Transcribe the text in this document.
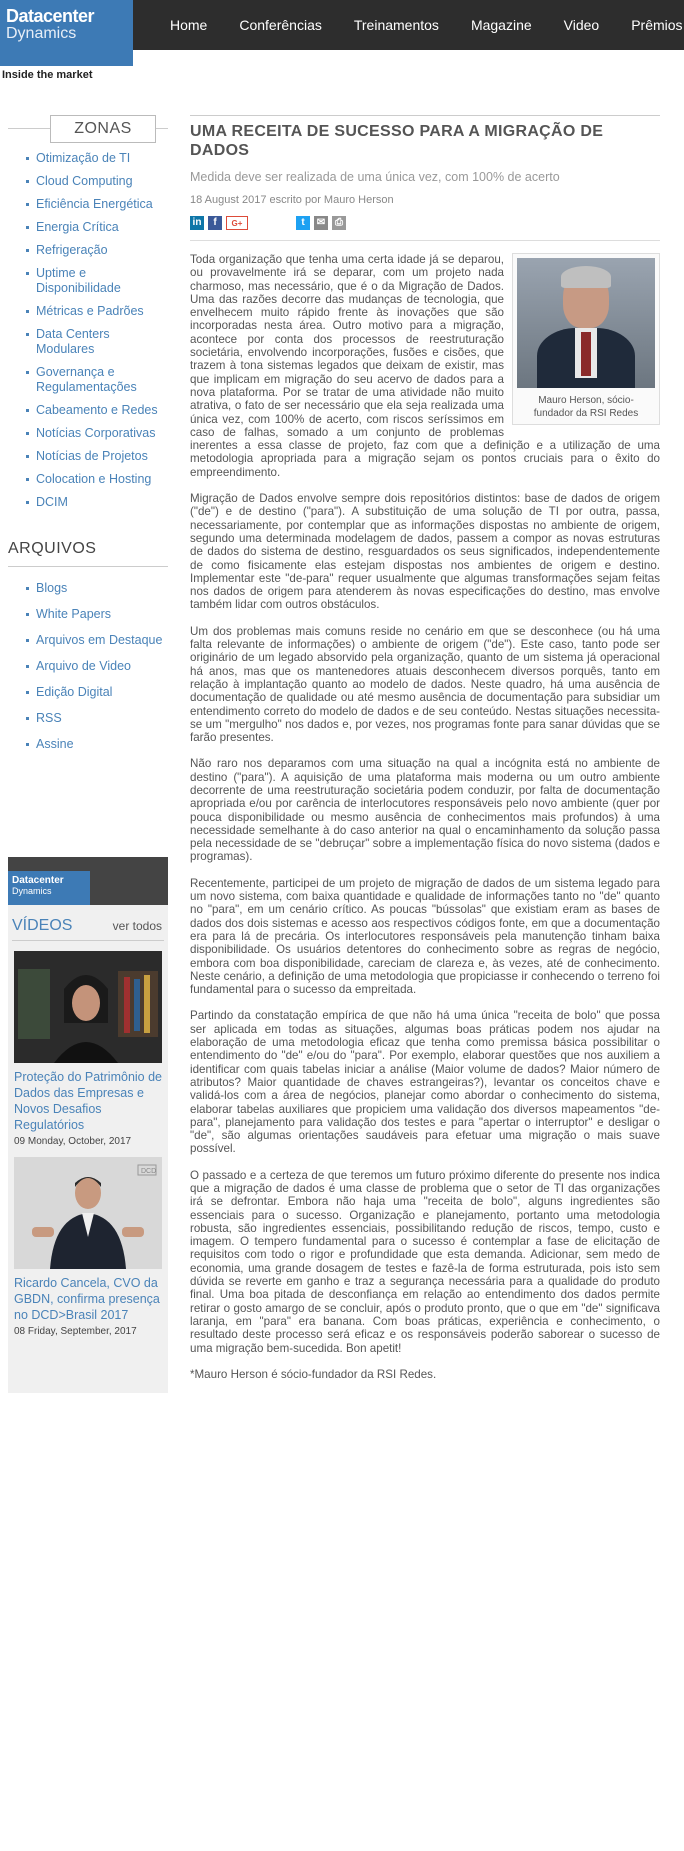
Datacenter
Dynamics	Home Conferências Treinamentos Magazine Video Prêmios
Inside the market
ZONAS
Otimização de TI
Cloud Computing
Eficiência Energética
Energia Crítica
Refrigeração
Uptime e Disponibilidade
Métricas e Padrões
Data Centers Modulares
Governança e Regulamentações
Cabeamento e Redes
Notícias Corporativas
Notícias de Projetos
Colocation e Hosting
DCIM
ARQUIVOS
Blogs
White Papers
Arquivos em Destaque
Arquivo de Video
Edição Digital
RSS
Assine
Datacenter
Dynamics
VÍDEOS	ver todos
Proteção do Patrimônio de Dados das Empresas e Novos Desafios Regulatórios
09 Monday, October, 2017
DCD
Ricardo Cancela, CVO da GBDN, confirma presença no DCD>Brasil 2017
08 Friday, September, 2017
UMA RECEITA DE SUCESSO PARA A MIGRAÇÃO DE DADOS
Medida deve ser realizada de uma única vez, com 100% de acerto
18 August 2017 escrito por Mauro Herson
in	f	G+	t	✉ ⎙
Mauro Herson, sócio-fundador da RSI Redes

Toda organização que tenha uma certa idade já se deparou, ou provavelmente irá se deparar, com um projeto nada charmoso, mas necessário, que é o da Migração de Dados. Uma das razões decorre das mudanças de tecnologia, que envelhecem muito rápido frente às inovações que são incorporadas nesta área. Outro motivo para a migração, acontece por conta dos processos de reestruturação societária, envolvendo incorporações, fusões e cisões, que trazem à tona sistemas legados que deixam de existir, mas que implicam em migração do seu acervo de dados para a nova plataforma. Por se tratar de uma atividade não muito atrativa, o fato de ser necessário que ela seja realizada uma única vez, com 100% de acerto, com riscos seríssimos em caso de falhas, somado a um conjunto de problemas inerentes a essa classe de projeto, faz com que a definição e a utilização de uma metodologia apropriada para a migração sejam os pontos cruciais para o êxito do empreendimento.

Migração de Dados envolve sempre dois repositórios distintos: base de dados de origem ("de") e de destino ("para"). A substituição de uma solução de TI por outra, passa, necessariamente, por contemplar que as informações dispostas no ambiente de origem, segundo uma determinada modelagem de dados, passem a compor as novas estruturas de dados do sistema de destino, resguardados os seus significados, independentemente de como fisicamente elas estejam dispostas nos ambientes de origem e destino. Implementar este "de-para" requer usualmente que algumas transformações sejam feitas nos dados de origem para atenderem às novas especificações do destino, mas envolve também lidar com outros obstáculos.

Um dos problemas mais comuns reside no cenário em que se desconhece (ou há uma falta relevante de informações) o ambiente de origem ("de"). Este caso, tanto pode ser originário de um legado absorvido pela organização, quanto de um sistema já operacional há anos, mas que os mantenedores atuais desconhecem diversos porquês, tanto em relação à implantação quanto ao modelo de dados. Neste quadro, há uma ausência de documentação de qualidade ou até mesmo ausência de documentação para subsidiar um entendimento correto do modelo de dados e de seu conteúdo. Nestas situações necessita-se um "mergulho" nos dados e, por vezes, nos programas fonte para sanar dúvidas que se farão presentes.

Não raro nos deparamos com uma situação na qual a incógnita está no ambiente de destino ("para"). A aquisição de uma plataforma mais moderna ou um outro ambiente decorrente de uma reestruturação societária podem conduzir, por falta de documentação apropriada e/ou por carência de interlocutores responsáveis pelo novo ambiente (quer por pouca disponibilidade ou mesmo ausência de conhecimentos mais profundos) à uma necessidade semelhante à do caso anterior na qual o encaminhamento da solução passa pela necessidade de se "debruçar" sobre a implementação física do novo sistema (dados e programas).

Recentemente, participei de um projeto de migração de dados de um sistema legado para um novo sistema, com baixa quantidade e qualidade de informações tanto no "de" quanto no "para", em um cenário crítico. As poucas "bússolas" que existiam eram as bases de dados dos dois sistemas e acesso aos respectivos códigos fonte, em que a documentação era para lá de precária. Os interlocutores responsáveis pela manutenção tinham baixa disponibilidade. Os usuários detentores do conhecimento sobre as regras de negócio, embora com boa disponibilidade, careciam de clareza e, às vezes, até de conhecimento. Neste cenário, a definição de uma metodologia que propiciasse ir conhecendo o terreno foi fundamental para o sucesso da empreitada.

Partindo da constatação empírica de que não há uma única "receita de bolo" que possa ser aplicada em todas as situações, algumas boas práticas podem nos ajudar na elaboração de uma metodologia eficaz que tenha como premissa básica possibilitar o entendimento do "de" e/ou do "para". Por exemplo, elaborar questões que nos auxiliem a identificar com quais tabelas iniciar a análise (Maior volume de dados? Maior número de atributos? Maior quantidade de chaves estrangeiras?), levantar os conceitos chave e validá-los com a área de negócios, planejar como abordar o conhecimento do sistema, elaborar tabelas auxiliares que propiciem uma validação dos diversos mapeamentos "de-para", planejamento para validação dos testes e para "apertar o interruptor" e desligar o "de", são algumas orientações saudáveis para efetuar uma migração o mais suave possível.

O passado e a certeza de que teremos um futuro próximo diferente do presente nos indica que a migração de dados é uma classe de problema que o setor de TI das organizações irá se defrontar. Embora não haja uma "receita de bolo", alguns ingredientes são essenciais para o sucesso. Organização e planejamento, portanto uma metodologia robusta, são ingredientes essenciais, possibilitando redução de riscos, tempo, custo e imagem. O tempero fundamental para o sucesso é contemplar a fase de elicitação de requisitos com todo o rigor e profundidade que esta demanda. Adicionar, sem medo de economia, uma grande dosagem de testes e fazê-la de forma estruturada, pois isto sem dúvida se reverte em ganho e traz a segurança necessária para a qualidade do produto final. Uma boa pitada de desconfiança em relação ao entendimento dos dados permite retirar o gosto amargo de se concluir, após o produto pronto, que o que em "de" significava laranja, em "para" era banana. Com boas práticas, experiência e conhecimento, o resultado deste processo será eficaz e os responsáveis poderão saborear o sucesso de uma migração bem-sucedida. Bon apetit!

*Mauro Herson é sócio-fundador da RSI Redes.
